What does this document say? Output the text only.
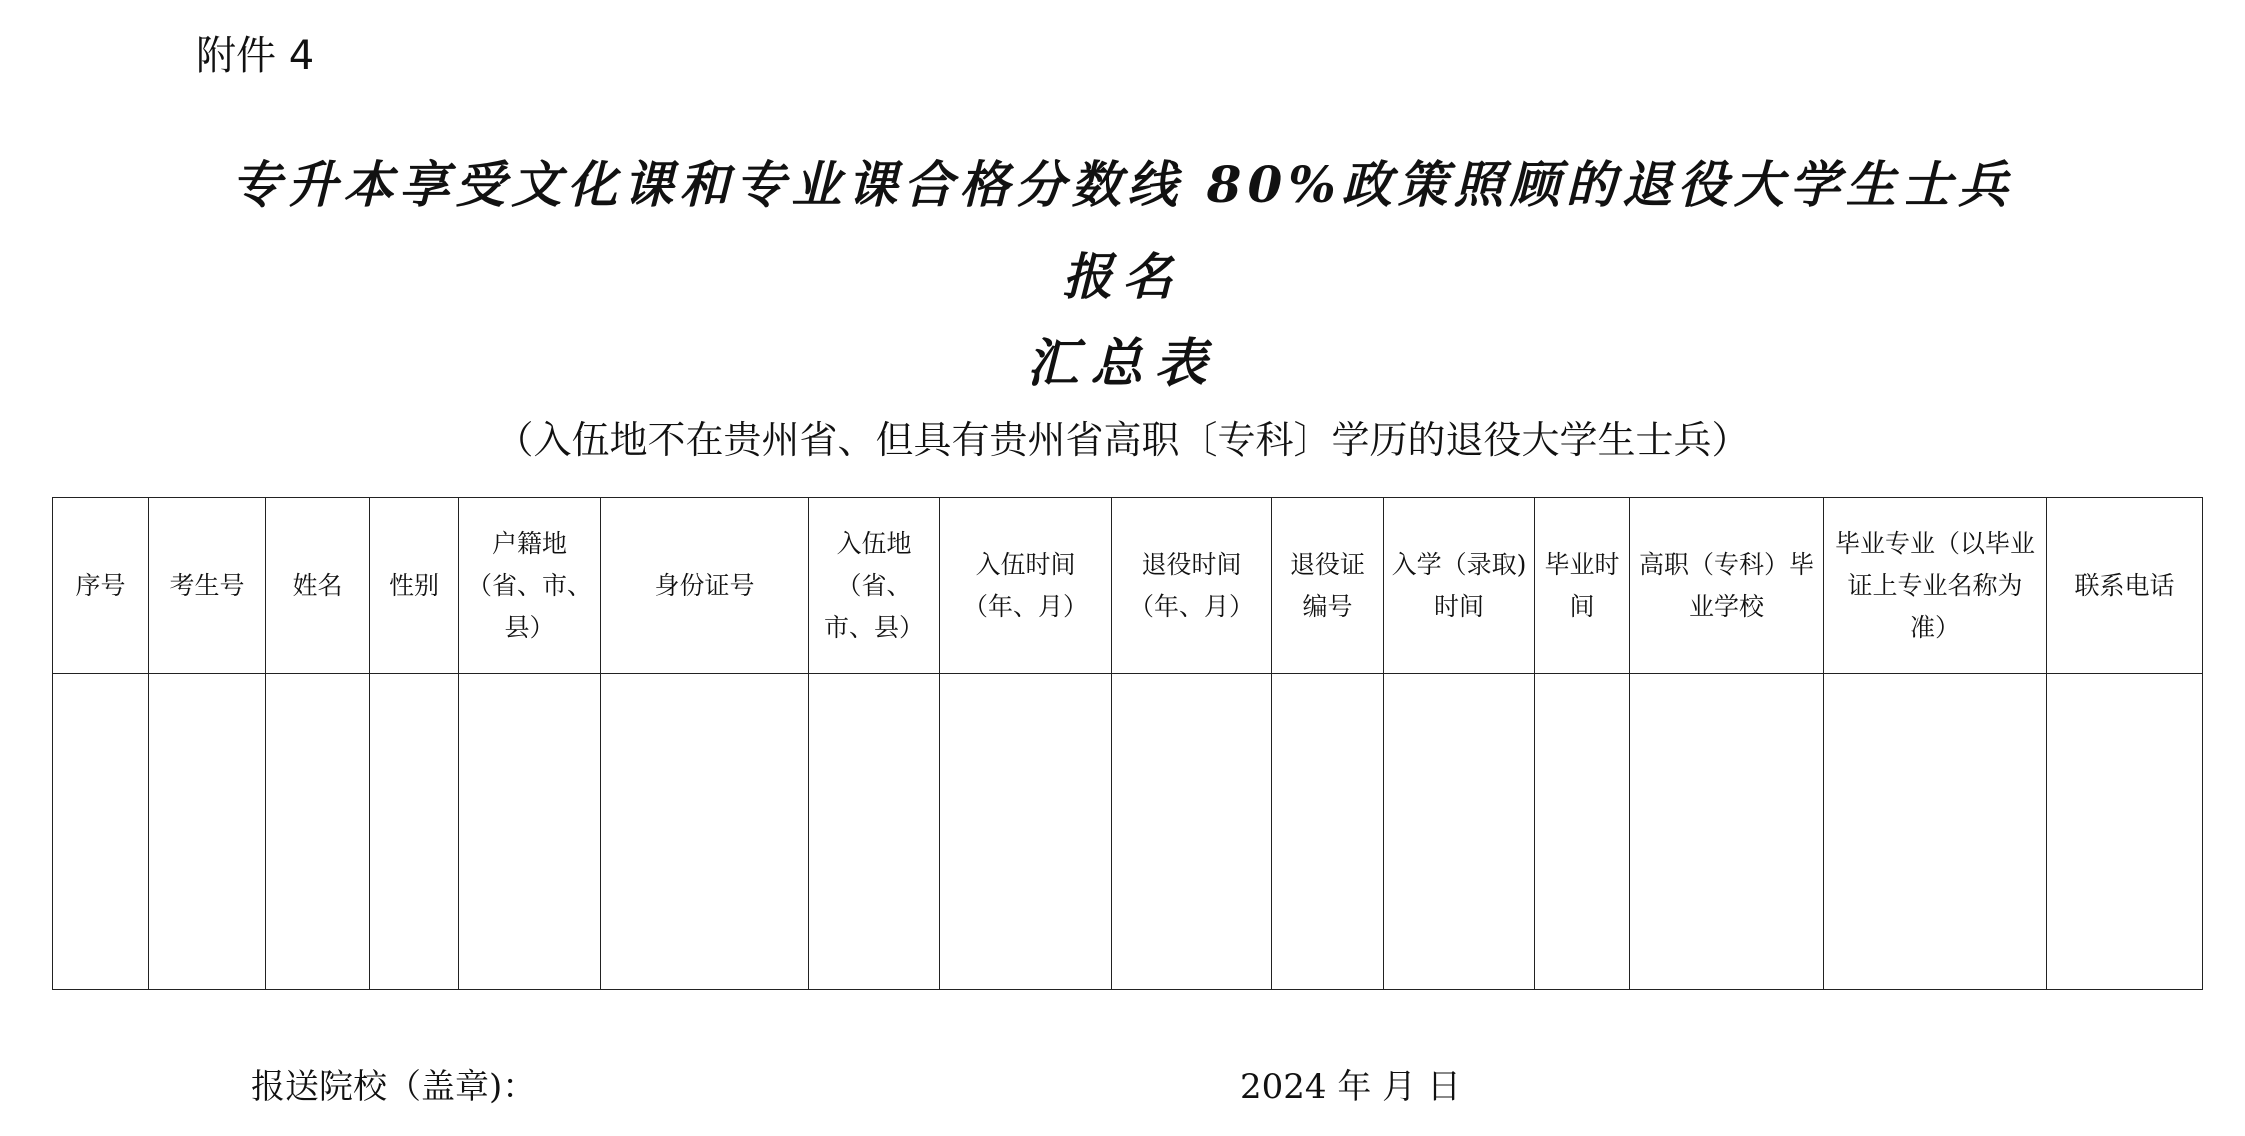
附件 4
专升本享受文化课和专业课合格分数线 80%政策照顾的退役大学生士兵
报名
汇总表
（入伍地不在贵州省、但具有贵州省高职〔专科〕学历的退役大学生士兵）
序号	考生号	姓名	性别	户籍地（省、市、县）	身份证号	入伍地（省、市、县）	入伍时间（年、月）	退役时间（年、月）	退役证编号	入学（录取)时间	毕业时间	高职（专科）毕业学校	毕业专业（以毕业证上专业名称为准）	联系电话

报送院校（盖章)：	2024 年 月 日
